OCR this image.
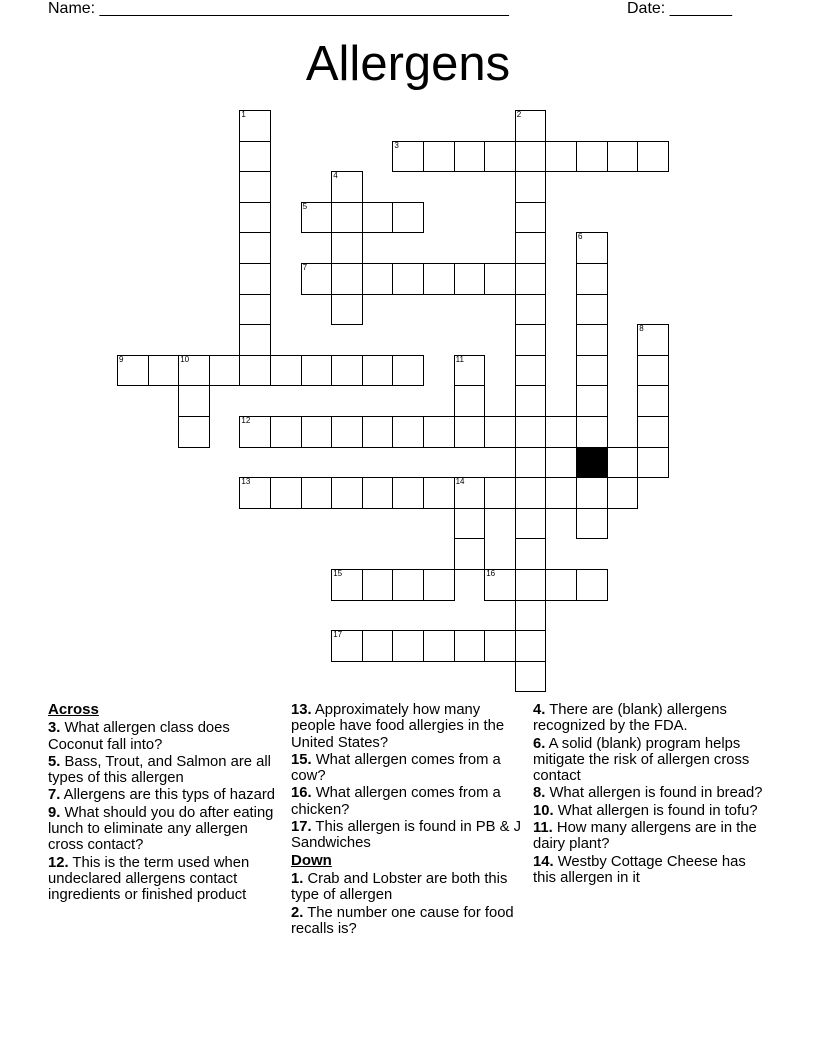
Name: ______________________________________________	Date: _______
Allergens
1	2
3
4
5
6
7
8
9	10	11
12
13	14
15	16
17
Across
3. What allergen class does Coconut fall into?
5. Bass, Trout, and Salmon are all types of this allergen
7. Allergens are this typs of hazard
9. What should you do after eating lunch to eliminate any allergen cross contact?
12. This is the term used when undeclared allergens contact ingredients or finished product
13. Approximately how many people have food allergies in the United States?
15. What allergen comes from a cow?
16. What allergen comes from a chicken?
17. This allergen is found in PB & J Sandwiches
Down
1. Crab and Lobster are both this type of allergen
2. The number one cause for food recalls is?
4. There are (blank) allergens recognized by the FDA.
6. A solid (blank) program helps mitigate the risk of allergen cross contact
8. What allergen is found in bread?
10. What allergen is found in tofu?
11. How many allergens are in the dairy plant?
14. Westby Cottage Cheese has this allergen in it
